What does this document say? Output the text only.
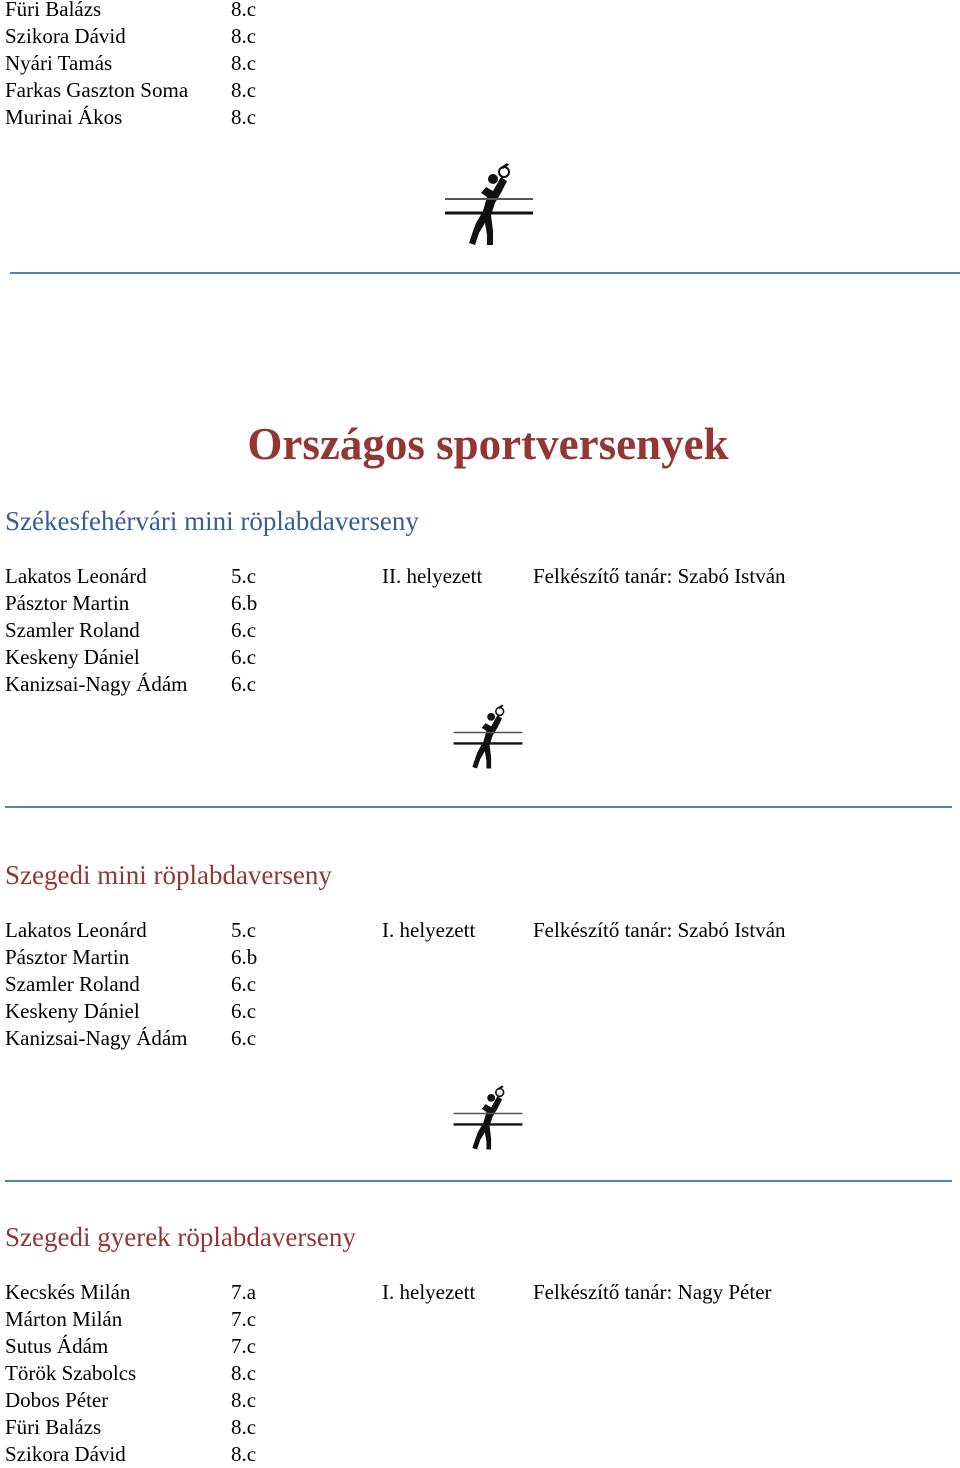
Füri Balázs	8.c
Szikora Dávid	8.c
Nyári Tamás	8.c
Farkas Gaszton Soma 8.c
Murinai Ákos	8.c
Országos sportversenyek
Székesfehérvári mini röplabdaverseny
Lakatos Leonárd	5.c	II. helyezett Felkészítő tanár: Szabó István
Pásztor Martin	6.b
Szamler Roland	6.c
Keskeny Dániel	6.c
Kanizsai-Nagy Ádám 6.c
Szegedi mini röplabdaverseny
Lakatos Leonárd	5.c	I. helyezett	Felkészítő tanár: Szabó István
Pásztor Martin	6.b
Szamler Roland	6.c
Keskeny Dániel	6.c
Kanizsai-Nagy Ádám 6.c
Szegedi gyerek röplabdaverseny
Kecskés Milán	7.a	I. helyezett	Felkészítő tanár: Nagy Péter
Márton Milán	7.c
Sutus Ádám	7.c
Török Szabolcs	8.c
Dobos Péter	8.c
Füri Balázs	8.c
Szikora Dávid	8.c
